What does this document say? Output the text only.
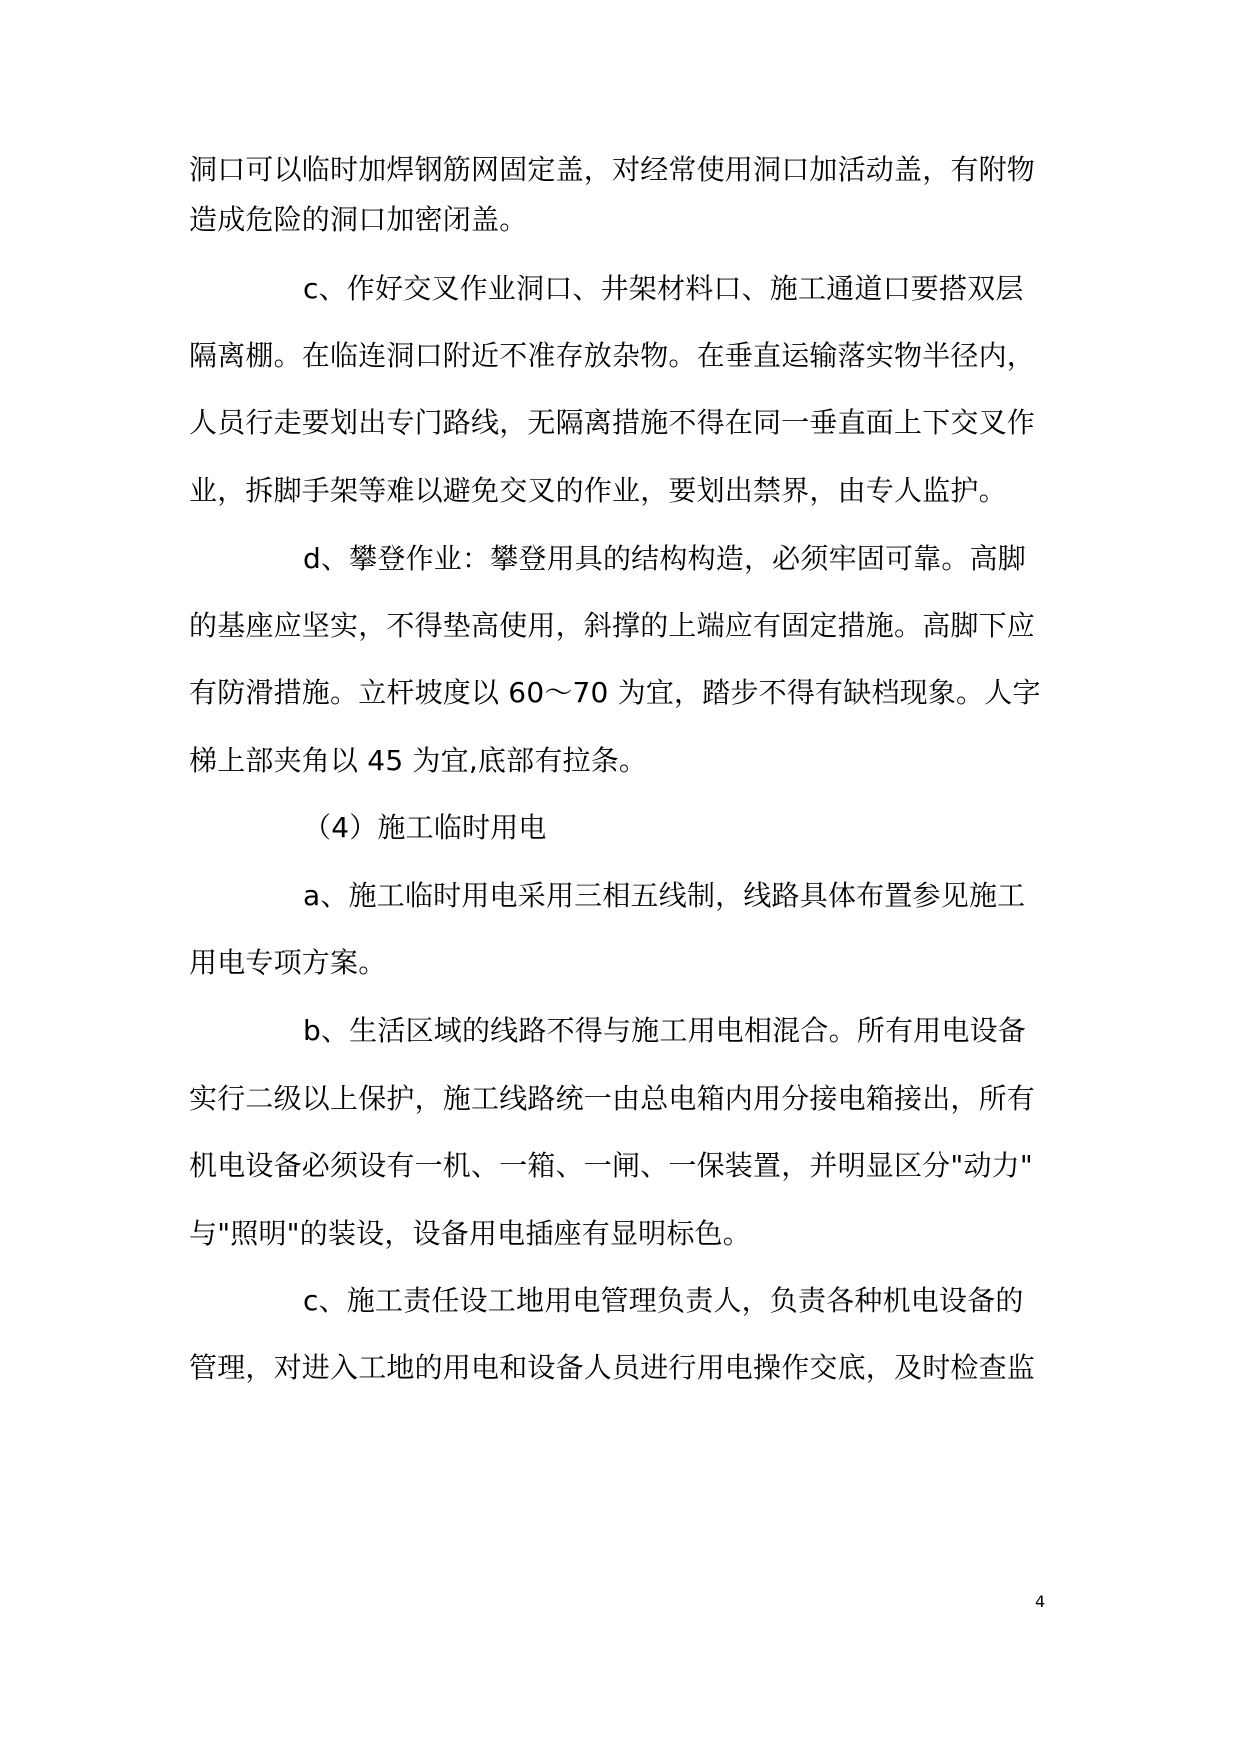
洞口可以临时加焊钢筋网固定盖，对经常使用洞口加活动盖，有附物
造成危险的洞口加密闭盖。
c、作好交叉作业洞口、井架材料口、施工通道口要搭双层
隔离棚。在临连洞口附近不准存放杂物。在垂直运输落实物半径内，
人员行走要划出专门路线，无隔离措施不得在同一垂直面上下交叉作
业，拆脚手架等难以避免交叉的作业，要划出禁界，由专人监护。
d、攀登作业：攀登用具的结构构造，必须牢固可靠。高脚
的基座应坚实，不得垫高使用，斜撑的上端应有固定措施。高脚下应
有防滑措施。立杆坡度以 60～70 为宜，踏步不得有缺档现象。人字
梯上部夹角以 45 为宜,底部有拉条。
（4）施工临时用电
a、施工临时用电采用三相五线制，线路具体布置参见施工
用电专项方案。
b、生活区域的线路不得与施工用电相混合。所有用电设备
实行二级以上保护，施工线路统一由总电箱内用分接电箱接出，所有
机电设备必须设有一机、一箱、一闸、一保装置，并明显区分"动力"
与"照明"的装设，设备用电插座有显明标色。
c、施工责任设工地用电管理负责人，负责各种机电设备的
管理，对进入工地的用电和设备人员进行用电操作交底，及时检查监
4
